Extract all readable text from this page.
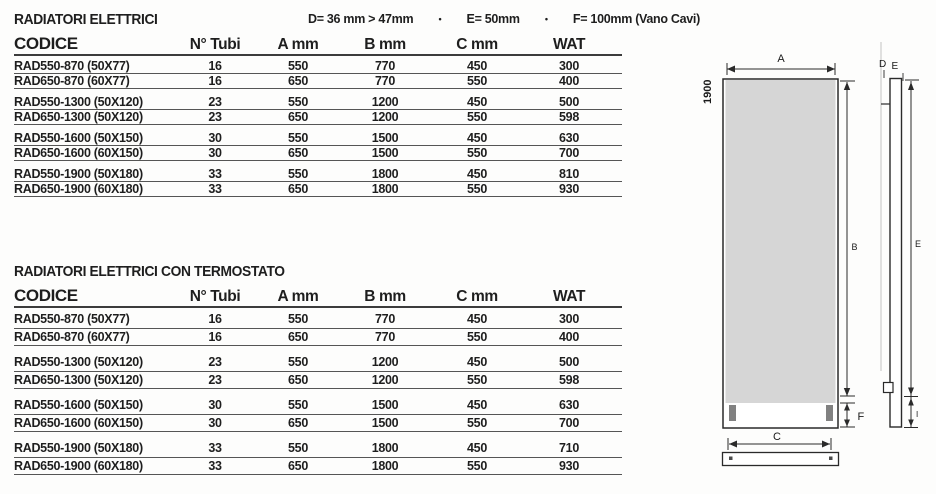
RADIATORI ELETTRICI	D= 36 mm > 47mm	• E= 50mm	• F= 100mm (Vano Cavi)
CODICE	N° Tubi	A mm	B mm	C mm	WAT
RAD550-870 (50X77)	16	550	770	450	300
RAD650-870 (60X77)	16	650	770	550	400
RAD550-1300 (50X120)	23	550	1200	450	500
RAD650-1300 (50X120)	23	650	1200	550	598
RAD550-1600 (50X150)	30	550	1500	450	630
RAD650-1600 (60X150)	30	650	1500	550	700
RAD550-1900 (50X180)	33	550	1800	450	810
RAD650-1900 (60X180)	33	650	1800	550	930
RADIATORI ELETTRICI CON TERMOSTATO
CODICE	N° Tubi	A mm	B mm	C mm	WAT
RAD550-870 (50X77)	16	550	770	450	300
RAD650-870 (60X77)	16	650	770	550	400
RAD550-1300 (50X120)	23	550	1200	450	500
RAD650-1300 (50X120)	23	650	1200	550	598
RAD550-1600 (50X150)	30	550	1500	450	630
RAD650-1600 (60X150)	30	650	1500	550	700
RAD550-1900 (50X180)	33	550	1800	450	710
RAD650-1900 (60X180)	33	650	1800	550	930
A
1900
B
F
C
D E
E
I
